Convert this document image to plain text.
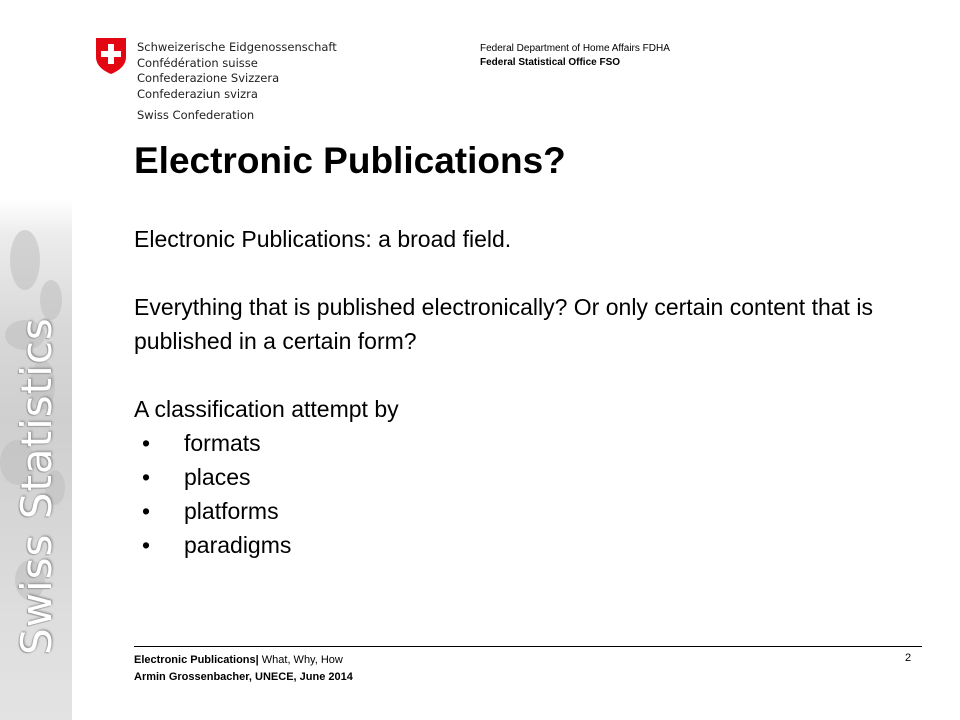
Swiss Statistics
Schweizerische Eidgenossenschaft
Confédération suisse
Confederazione Svizzera
Confederaziun svizra
Swiss Confederation
Federal Department of Home Affairs FDHA
Federal Statistical Office FSO
Electronic Publications?

Electronic Publications: a broad field.

Everything that is published electronically? Or only certain content that is published in a certain form?

A classification attempt by

•	formats
•	places
•	platforms
•	paradigms
Electronic Publications| What, Why, How
Armin Grossenbacher, UNECE, June 2014
2
